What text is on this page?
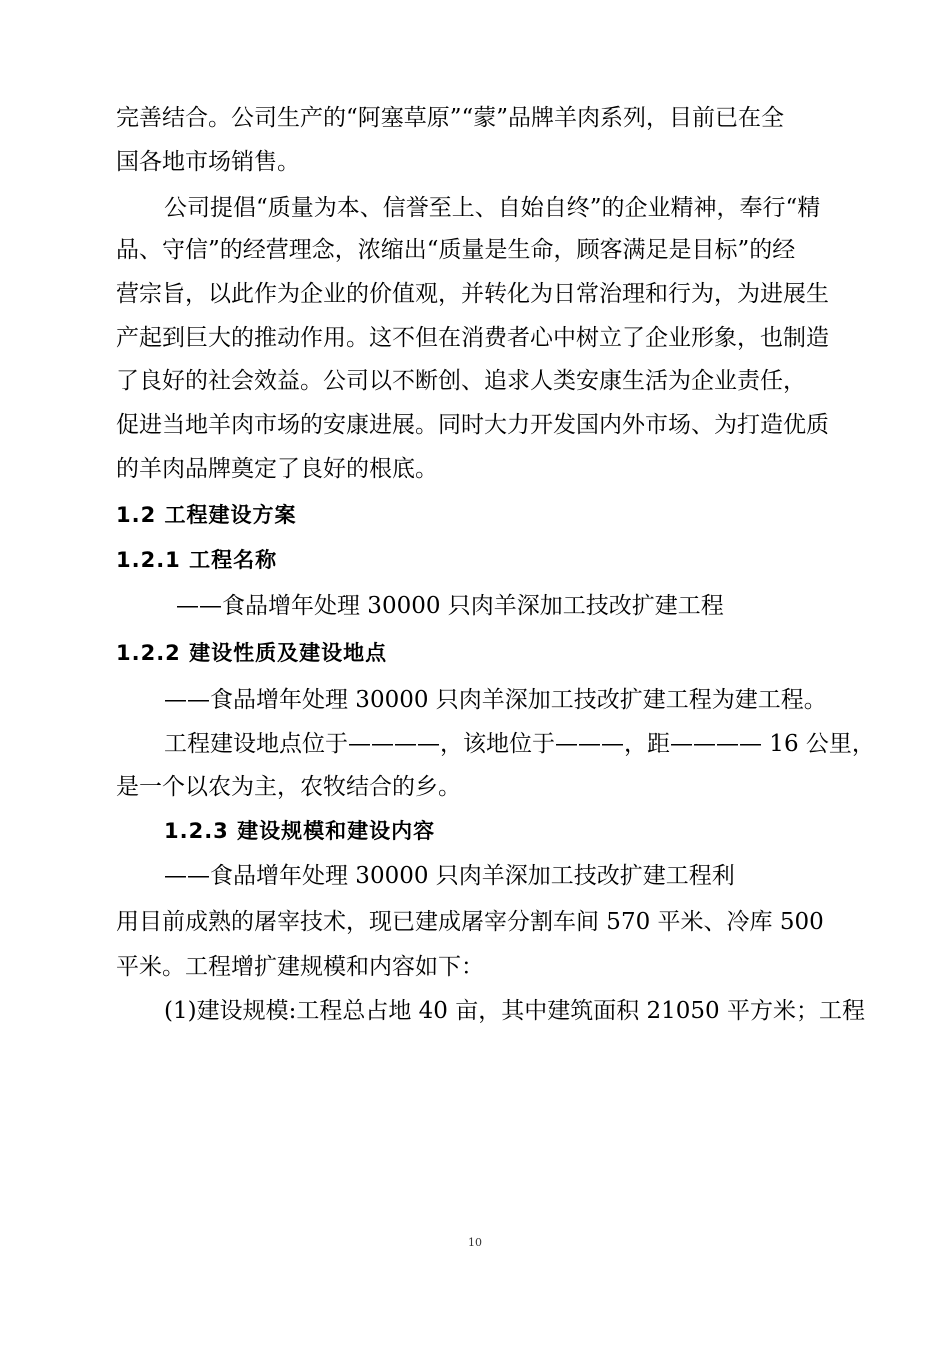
完善结合。公司生产的“阿塞草原”“蒙”品牌羊肉系列，目前已在全
国各地市场销售。
公司提倡“质量为本、信誉至上、自始自终”的企业精神，奉行“精
品、守信”的经营理念，浓缩出“质量是生命，顾客满足是目标”的经
营宗旨，以此作为企业的价值观，并转化为日常治理和行为，为进展生
产起到巨大的推动作用。这不但在消费者心中树立了企业形象，也制造
了良好的社会效益。公司以不断创、追求人类安康生活为企业责任，
促进当地羊肉市场的安康进展。同时大力开发国内外市场、为打造优质
的羊肉品牌奠定了良好的根底。
1.2 工程建设方案
1.2.1 工程名称
——食品增年处理 30000 只肉羊深加工技改扩建工程
1.2.2 建设性质及建设地点
——食品增年处理 30000 只肉羊深加工技改扩建工程为建工程。
工程建设地点位于————，该地位于———，距———— 16 公里，
是一个以农为主，农牧结合的乡。
1.2.3 建设规模和建设内容
——食品增年处理 30000 只肉羊深加工技改扩建工程利
用目前成熟的屠宰技术，现已建成屠宰分割车间 570 平米、冷库 500
平米。工程增扩建规模和内容如下：
(1)建设规模:工程总占地 40 亩，其中建筑面积 21050 平方米；工程
10
